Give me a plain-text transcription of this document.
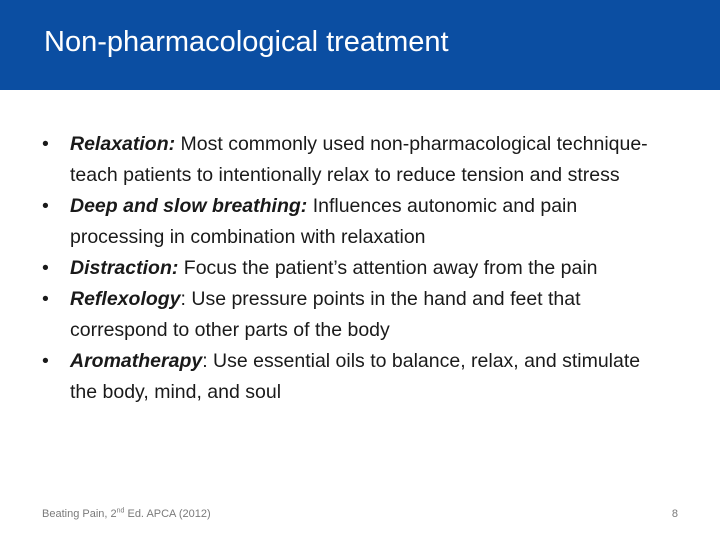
Non-pharmacological treatment
• Relaxation: Most commonly used non-pharmacological technique-teach patients to intentionally relax to reduce tension and stress
• Deep and slow breathing: Influences autonomic and pain processing in combination with relaxation
• Distraction: Focus the patient’s attention away from the pain
• Reflexology: Use pressure points in the hand and feet that correspond to other parts of the body
• Aromatherapy: Use essential oils to balance, relax, and stimulate the body, mind, and soul
Beating Pain, 2nd Ed. APCA (2012)	8
